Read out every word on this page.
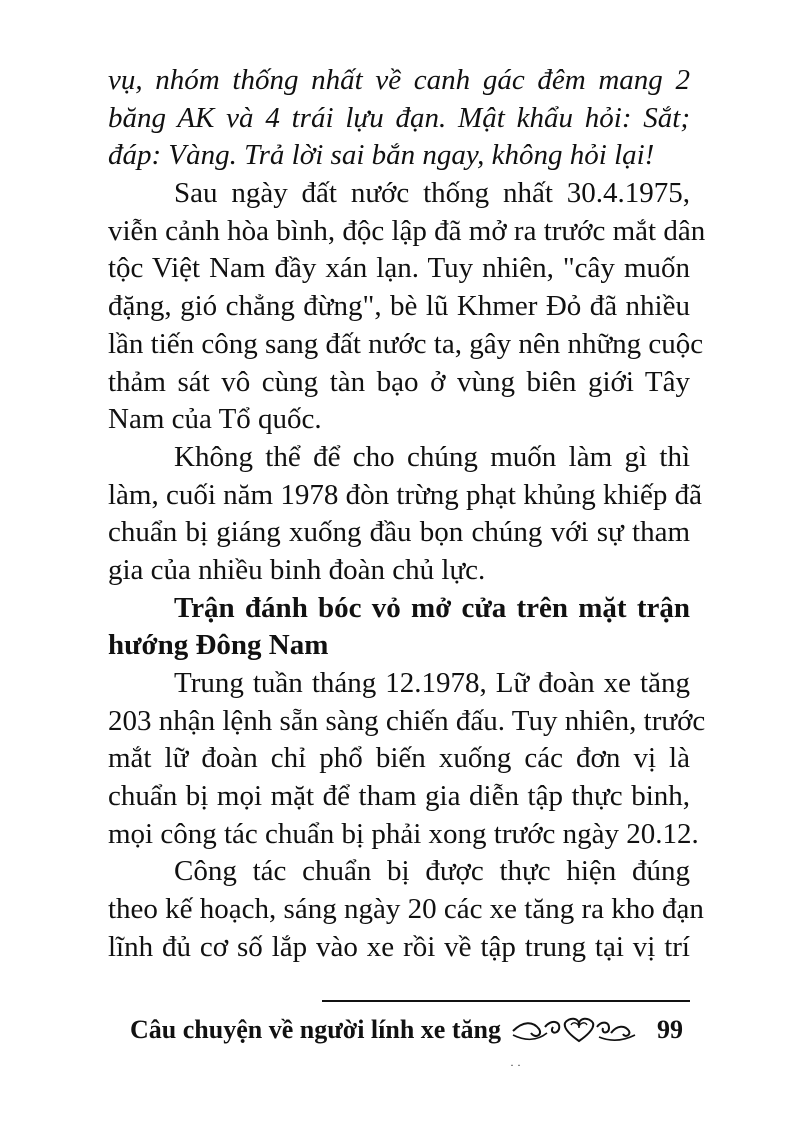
vụ, nhóm thống nhất về canh gác đêm mang 2
băng AK và 4 trái lựu đạn. Mật khẩu hỏi: Sắt;
đáp: Vàng. Trả lời sai bắn ngay, không hỏi lại!
Sau ngày đất nước thống nhất 30.4.1975,
viễn cảnh hòa bình, độc lập đã mở ra trước mắt dân
tộc Việt Nam đầy xán lạn. Tuy nhiên, "cây muốn
đặng, gió chẳng đừng", bè lũ Khmer Đỏ đã nhiều
lần tiến công sang đất nước ta, gây nên những cuộc
thảm sát vô cùng tàn bạo ở vùng biên giới Tây
Nam của Tổ quốc.
Không thể để cho chúng muốn làm gì thì
làm, cuối năm 1978 đòn trừng phạt khủng khiếp đã
chuẩn bị giáng xuống đầu bọn chúng với sự tham
gia của nhiều binh đoàn chủ lực.
Trận đánh bóc vỏ mở cửa trên mặt trận
hướng Đông Nam
Trung tuần tháng 12.1978, Lữ đoàn xe tăng
203 nhận lệnh sẵn sàng chiến đấu. Tuy nhiên, trước
mắt lữ đoàn chỉ phổ biến xuống các đơn vị là
chuẩn bị mọi mặt để tham gia diễn tập thực binh,
mọi công tác chuẩn bị phải xong trước ngày 20.12.
Công tác chuẩn bị được thực hiện đúng
theo kế hoạch, sáng ngày 20 các xe tăng ra kho đạn
lĩnh đủ cơ số lắp vào xe rồi về tập trung tại vị trí
Câu chuyện về người lính xe tăng	99
· ·
